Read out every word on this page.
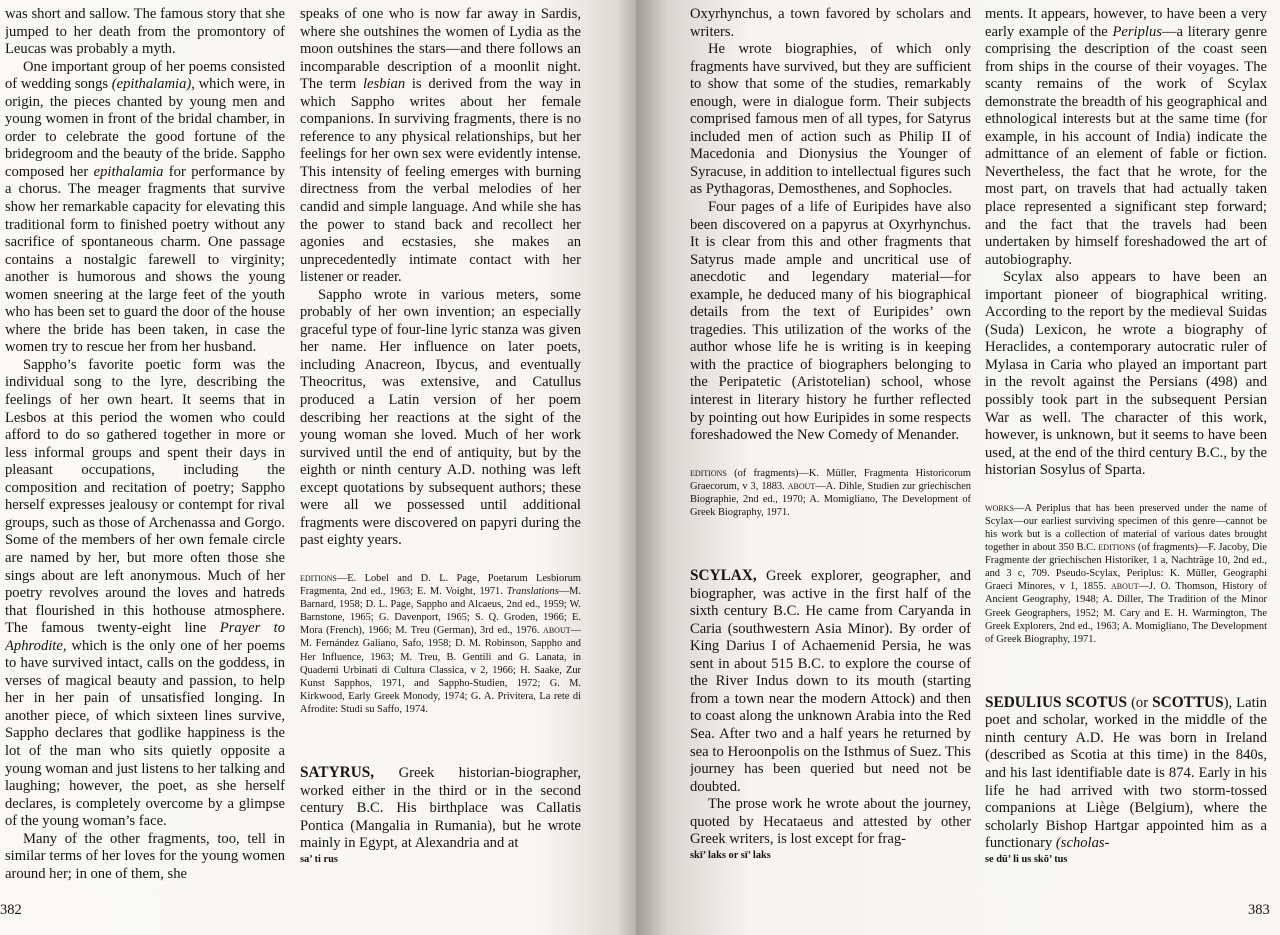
was short and sallow. The famous story that she jumped to her death from the promontory of Leucas was probably a myth.

One important group of her poems consisted of wedding songs (epithalamia), which were, in origin, the pieces chanted by young men and young women in front of the bridal chamber, in order to celebrate the good fortune of the bridegroom and the beauty of the bride. Sappho composed her epithalamia for performance by a chorus. The meager fragments that survive show her remarkable capacity for elevating this traditional form to finished poetry without any sacrifice of spontaneous charm. One passage contains a nostalgic farewell to virginity; another is humorous and shows the young women sneering at the large feet of the youth who has been set to guard the door of the house where the bride has been taken, in case the women try to rescue her from her husband.

Sappho’s favorite poetic form was the individual song to the lyre, describing the feelings of her own heart. It seems that in Lesbos at this period the women who could afford to do so gathered together in more or less informal groups and spent their days in pleasant occupations, including the composition and recitation of poetry; Sappho herself expresses jealousy or contempt for rival groups, such as those of Archenassa and Gorgo. Some of the members of her own female circle are named by her, but more often those she sings about are left anonymous. Much of her poetry revolves around the loves and hatreds that flourished in this hothouse atmosphere. The famous twenty-eight line Prayer to Aphrodite, which is the only one of her poems to have survived intact, calls on the goddess, in verses of magical beauty and passion, to help her in her pain of unsatisfied longing. In another piece, of which sixteen lines survive, Sappho declares that godlike happiness is the lot of the man who sits quietly opposite a young woman and just listens to her talking and laughing; however, the poet, as she herself declares, is completely overcome by a glimpse of the young woman’s face.

Many of the other fragments, too, tell in similar terms of her loves for the young women around her; in one of them, she

speaks of one who is now far away in Sardis, where she outshines the women of Lydia as the moon outshines the stars—and there follows an incomparable description of a moonlit night. The term lesbian is derived from the way in which Sappho writes about her female companions. In surviving fragments, there is no reference to any physical relationships, but her feelings for her own sex were evidently intense. This intensity of feeling emerges with burning directness from the verbal melodies of her candid and simple language. And while she has the power to stand back and recollect her agonies and ecstasies, she makes an unprecedentedly intimate contact with her listener or reader.

Sappho wrote in various meters, some probably of her own invention; an especially graceful type of four-line lyric stanza was given her name. Her influence on later poets, including Anacreon, Ibycus, and eventually Theocritus, was extensive, and Catullus produced a Latin version of her poem describing her reactions at the sight of the young woman she loved. Much of her work survived until the end of antiquity, but by the eighth or ninth century A.D. nothing was left except quotations by subsequent authors; these were all we possessed until additional fragments were discovered on papyri during the past eighty years.

editions—E. Lobel and D. L. Page, Poetarum Lesbiorum Fragmenta, 2nd ed., 1963; E. M. Voight, 1971. Translations—M. Barnard, 1958; D. L. Page, Sappho and Alcaeus, 2nd ed., 1959; W. Barnstone, 1965; G. Davenport, 1965; S. Q. Groden, 1966; E. Mora (French), 1966; M. Treu (German), 3rd ed., 1976. about—M. Fernández Galiano, Safo, 1958; D. M. Robinson, Sappho and Her Influence, 1963; M. Treu, B. Gentili and G. Lanata, in Quaderni Urbinati di Cultura Classica, v 2, 1966; H. Saake, Zur Kunst Sapphos, 1971, and Sappho-Studien, 1972; G. M. Kirkwood, Early Greek Monody, 1974; G. A. Privitera, La rete di Afrodite: Studi su Saffo, 1974.

SATYRUS, Greek historian-biographer, worked either in the third or in the second century B.C. His birthplace was Callatis Pontica (Mangalia in Rumania), but he wrote mainly in Egypt, at Alexandria and at

sa’ ti rus

382

Oxyrhynchus, a town favored by scholars and writers.

He wrote biographies, of which only fragments have survived, but they are sufficient to show that some of the studies, remarkably enough, were in dialogue form. Their subjects comprised famous men of all types, for Satyrus included men of action such as Philip II of Macedonia and Dionysius the Younger of Syracuse, in addition to intellectual figures such as Pythagoras, Demosthenes, and Sophocles.

Four pages of a life of Euripides have also been discovered on a papyrus at Oxyrhynchus. It is clear from this and other fragments that Satyrus made ample and uncritical use of anecdotic and legendary material—for example, he deduced many of his biographical details from the text of Euripides’ own tragedies. This utilization of the works of the author whose life he is writing is in keeping with the practice of biographers belonging to the Peripatetic (Aristotelian) school, whose interest in literary history he further reflected by pointing out how Euripides in some respects foreshadowed the New Comedy of Menander.

editions (of fragments)—K. Müller, Fragmenta Historicorum Graecorum, v 3, 1883. about—A. Dihle, Studien zur griechischen Biographie, 2nd ed., 1970; A. Momigliano, The Development of Greek Biography, 1971.

SCYLAX, Greek explorer, geographer, and biographer, was active in the first half of the sixth century B.C. He came from Caryanda in Caria (southwestern Asia Minor). By order of King Darius I of Achaemenid Persia, he was sent in about 515 B.C. to explore the course of the River Indus down to its mouth (starting from a town near the modern Attock) and then to coast along the unknown Arabia into the Red Sea. After two and a half years he returned by sea to Heroonpolis on the Isthmus of Suez. This journey has been queried but need not be doubted.

The prose work he wrote about the journey, quoted by Hecataeus and attested by other Greek writers, is lost except for frag-

skī’ laks or sī’ laks

ments. It appears, however, to have been a very early example of the Periplus—a literary genre comprising the description of the coast seen from ships in the course of their voyages. The scanty remains of the work of Scylax demonstrate the breadth of his geographical and ethnological interests but at the same time (for example, in his account of India) indicate the admittance of an element of fable or fiction. Nevertheless, the fact that he wrote, for the most part, on travels that had actually taken place represented a significant step forward; and the fact that the travels had been undertaken by himself foreshadowed the art of autobiography.

Scylax also appears to have been an important pioneer of biographical writing. According to the report by the medieval Suidas (Suda) Lexicon, he wrote a biography of Heraclides, a contemporary autocratic ruler of Mylasa in Caria who played an important part in the revolt against the Persians (498) and possibly took part in the subsequent Persian War as well. The character of this work, however, is unknown, but it seems to have been used, at the end of the third century B.C., by the historian Sosylus of Sparta.

works—A Periplus that has been preserved under the name of Scylax—our earliest surviving specimen of this genre—cannot be his work but is a collection of material of various dates brought together in about 350 B.C. editions (of fragments)—F. Jacoby, Die Fragmente der griechischen Historiker, 1 a, Nachträge 10, 2nd ed., and 3 c, 709. Pseudo-Scylax, Periplus: K. Müller, Geographi Graeci Minores, v 1, 1855. about—J. O. Thomson, History of Ancient Geography, 1948; A. Diller, The Tradition of the Minor Greek Geographers, 1952; M. Cary and E. H. Warmington, The Greek Explorers, 2nd ed., 1963; A. Momigliano, The Development of Greek Biography, 1971.

SEDULIUS SCOTUS (or SCOTTUS), Latin poet and scholar, worked in the middle of the ninth century A.D. He was born in Ireland (described as Scotia at this time) in the 840s, and his last identifiable date is 874. Early in his life he had arrived with two storm-tossed companions at Liège (Belgium), where the scholarly Bishop Hartgar appointed him as a functionary (scholas-

se dū’ li us skō’ tus

383
